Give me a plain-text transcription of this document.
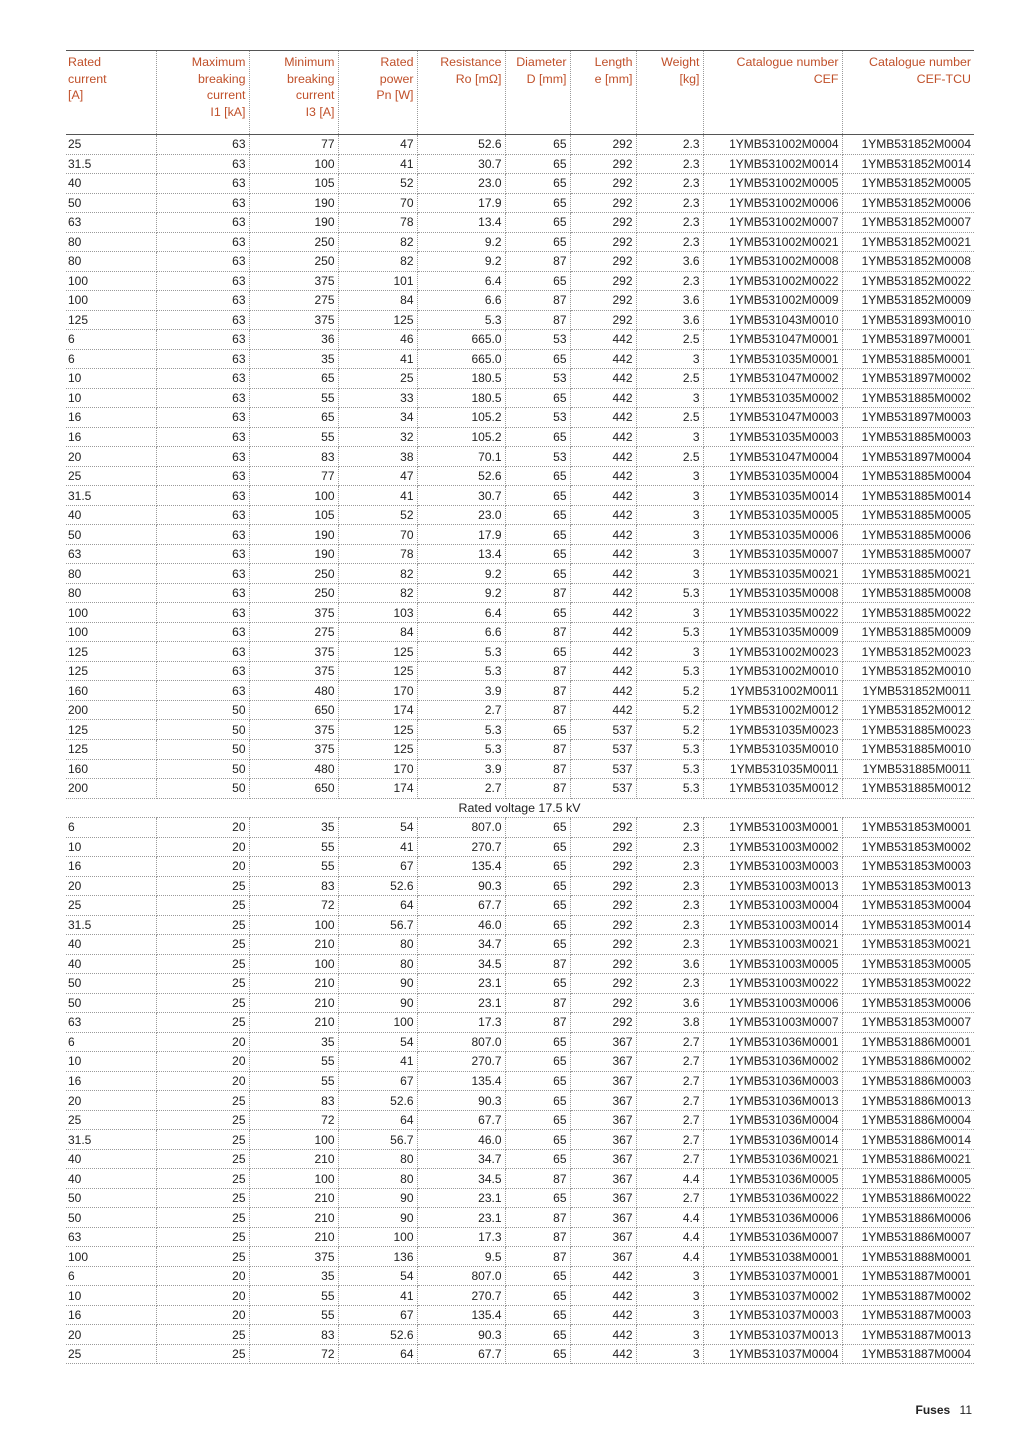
Rated
current
[A]	Maximum
breaking
current
I1 [kA]	Minimum
breaking
current
I3 [A]	Rated
power
Pn [W]	Resistance
Ro [mΩ]	Diameter
D [mm]	Length
e [mm]	Weight
[kg]	Catalogue number
CEF	Catalogue number
CEF-TCU
25	63	77	47	52.6	65	292	2.3	1YMB531002M0004	1YMB531852M0004
31.5	63	100	41	30.7	65	292	2.3	1YMB531002M0014	1YMB531852M0014
40	63	105	52	23.0	65	292	2.3	1YMB531002M0005	1YMB531852M0005
50	63	190	70	17.9	65	292	2.3	1YMB531002M0006	1YMB531852M0006
63	63	190	78	13.4	65	292	2.3	1YMB531002M0007	1YMB531852M0007
80	63	250	82	9.2	65	292	2.3	1YMB531002M0021	1YMB531852M0021
80	63	250	82	9.2	87	292	3.6	1YMB531002M0008	1YMB531852M0008
100	63	375	101	6.4	65	292	2.3	1YMB531002M0022	1YMB531852M0022
100	63	275	84	6.6	87	292	3.6	1YMB531002M0009	1YMB531852M0009
125	63	375	125	5.3	87	292	3.6	1YMB531043M0010	1YMB531893M0010
6	63	36	46	665.0	53	442	2.5	1YMB531047M0001	1YMB531897M0001
6	63	35	41	665.0	65	442	3	1YMB531035M0001	1YMB531885M0001
10	63	65	25	180.5	53	442	2.5	1YMB531047M0002	1YMB531897M0002
10	63	55	33	180.5	65	442	3	1YMB531035M0002	1YMB531885M0002
16	63	65	34	105.2	53	442	2.5	1YMB531047M0003	1YMB531897M0003
16	63	55	32	105.2	65	442	3	1YMB531035M0003	1YMB531885M0003
20	63	83	38	70.1	53	442	2.5	1YMB531047M0004	1YMB531897M0004
25	63	77	47	52.6	65	442	3	1YMB531035M0004	1YMB531885M0004
31.5	63	100	41	30.7	65	442	3	1YMB531035M0014	1YMB531885M0014
40	63	105	52	23.0	65	442	3	1YMB531035M0005	1YMB531885M0005
50	63	190	70	17.9	65	442	3	1YMB531035M0006	1YMB531885M0006
63	63	190	78	13.4	65	442	3	1YMB531035M0007	1YMB531885M0007
80	63	250	82	9.2	65	442	3	1YMB531035M0021	1YMB531885M0021
80	63	250	82	9.2	87	442	5.3	1YMB531035M0008	1YMB531885M0008
100	63	375	103	6.4	65	442	3	1YMB531035M0022	1YMB531885M0022
100	63	275	84	6.6	87	442	5.3	1YMB531035M0009	1YMB531885M0009
125	63	375	125	5.3	65	442	3	1YMB531002M0023	1YMB531852M0023
125	63	375	125	5.3	87	442	5.3	1YMB531002M0010	1YMB531852M0010
160	63	480	170	3.9	87	442	5.2	1YMB531002M0011	1YMB531852M0011
200	50	650	174	2.7	87	442	5.2	1YMB531002M0012	1YMB531852M0012
125	50	375	125	5.3	65	537	5.2	1YMB531035M0023	1YMB531885M0023
125	50	375	125	5.3	87	537	5.3	1YMB531035M0010	1YMB531885M0010
160	50	480	170	3.9	87	537	5.3	1YMB531035M0011	1YMB531885M0011
200	50	650	174	2.7	87	537	5.3	1YMB531035M0012	1YMB531885M0012
Rated voltage 17.5 kV									
6	20	35	54	807.0	65	292	2.3	1YMB531003M0001	1YMB531853M0001
10	20	55	41	270.7	65	292	2.3	1YMB531003M0002	1YMB531853M0002
16	20	55	67	135.4	65	292	2.3	1YMB531003M0003	1YMB531853M0003
20	25	83	52.6	90.3	65	292	2.3	1YMB531003M0013	1YMB531853M0013
25	25	72	64	67.7	65	292	2.3	1YMB531003M0004	1YMB531853M0004
31.5	25	100	56.7	46.0	65	292	2.3	1YMB531003M0014	1YMB531853M0014
40	25	210	80	34.7	65	292	2.3	1YMB531003M0021	1YMB531853M0021
40	25	100	80	34.5	87	292	3.6	1YMB531003M0005	1YMB531853M0005
50	25	210	90	23.1	65	292	2.3	1YMB531003M0022	1YMB531853M0022
50	25	210	90	23.1	87	292	3.6	1YMB531003M0006	1YMB531853M0006
63	25	210	100	17.3	87	292	3.8	1YMB531003M0007	1YMB531853M0007
6	20	35	54	807.0	65	367	2.7	1YMB531036M0001	1YMB531886M0001
10	20	55	41	270.7	65	367	2.7	1YMB531036M0002	1YMB531886M0002
16	20	55	67	135.4	65	367	2.7	1YMB531036M0003	1YMB531886M0003
20	25	83	52.6	90.3	65	367	2.7	1YMB531036M0013	1YMB531886M0013
25	25	72	64	67.7	65	367	2.7	1YMB531036M0004	1YMB531886M0004
31.5	25	100	56.7	46.0	65	367	2.7	1YMB531036M0014	1YMB531886M0014
40	25	210	80	34.7	65	367	2.7	1YMB531036M0021	1YMB531886M0021
40	25	100	80	34.5	87	367	4.4	1YMB531036M0005	1YMB531886M0005
50	25	210	90	23.1	65	367	2.7	1YMB531036M0022	1YMB531886M0022
50	25	210	90	23.1	87	367	4.4	1YMB531036M0006	1YMB531886M0006
63	25	210	100	17.3	87	367	4.4	1YMB531036M0007	1YMB531886M0007
100	25	375	136	9.5	87	367	4.4	1YMB531038M0001	1YMB531888M0001
6	20	35	54	807.0	65	442	3	1YMB531037M0001	1YMB531887M0001
10	20	55	41	270.7	65	442	3	1YMB531037M0002	1YMB531887M0002
16	20	55	67	135.4	65	442	3	1YMB531037M0003	1YMB531887M0003
20	25	83	52.6	90.3	65	442	3	1YMB531037M0013	1YMB531887M0013
25	25	72	64	67.7	65	442	3	1YMB531037M0004	1YMB531887M0004
Fuses 11
